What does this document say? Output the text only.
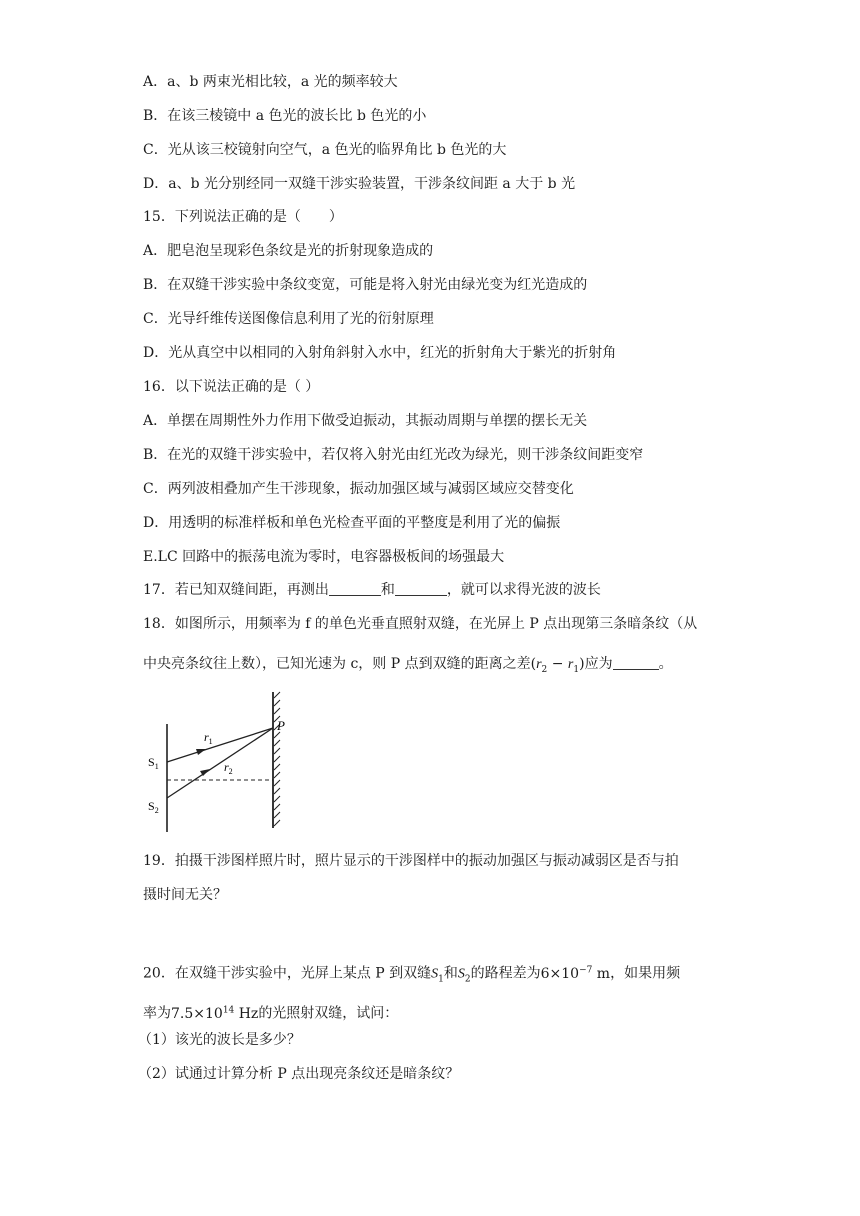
A．a、b 两束光相比较，a 光的频率较大
B．在该三棱镜中 a 色光的波长比 b 色光的小
C．光从该三校镜射向空气，a 色光的临界角比 b 色光的大
D．a、b 光分别经同一双缝干涉实验装置，干涉条纹间距 a 大于 b 光
15．下列说法正确的是（　　）
A．肥皂泡呈现彩色条纹是光的折射现象造成的
B．在双缝干涉实验中条纹变宽，可能是将入射光由绿光变为红光造成的
C．光导纤维传送图像信息利用了光的衍射原理
D．光从真空中以相同的入射角斜射入水中，红光的折射角大于紫光的折射角
16．以下说法正确的是（ ）
A．单摆在周期性外力作用下做受迫振动，其振动周期与单摆的摆长无关
B．在光的双缝干涉实验中，若仅将入射光由红光改为绿光，则干涉条纹间距变窄
C．两列波相叠加产生干涉现象，振动加强区域与减弱区域应交替变化
D．用透明的标准样板和单色光检查平面的平整度是利用了光的偏振
E.LC 回路中的振荡电流为零时，电容器极板间的场强最大
17．若已知双缝间距，再测出	和	，就可以求得光波的波长
18．如图所示，用频率为 f 的单色光垂直照射双缝，在光屏上 P 点出现第三条暗条纹（从
中央亮条纹往上数），已知光速为 c，则 P 点到双缝的距离之差$(r_2 - r_1)$应为	。
P
$r_1$
$r_2$
$S_1$
$S_2$
19．拍摄干涉图样照片时，照片显示的干涉图样中的振动加强区与振动减弱区是否与拍
摄时间无关？
20．在双缝干涉实验中，光屏上某点 P 到双缝$S_1$和$S_2$的路程差为$6\times 10^{-7}$ m，如果用频
率为$7.5\times 10^{14}$ Hz的光照射双缝，试问：
（1）该光的波长是多少？
（2）试通过计算分析 P 点出现亮条纹还是暗条纹？
